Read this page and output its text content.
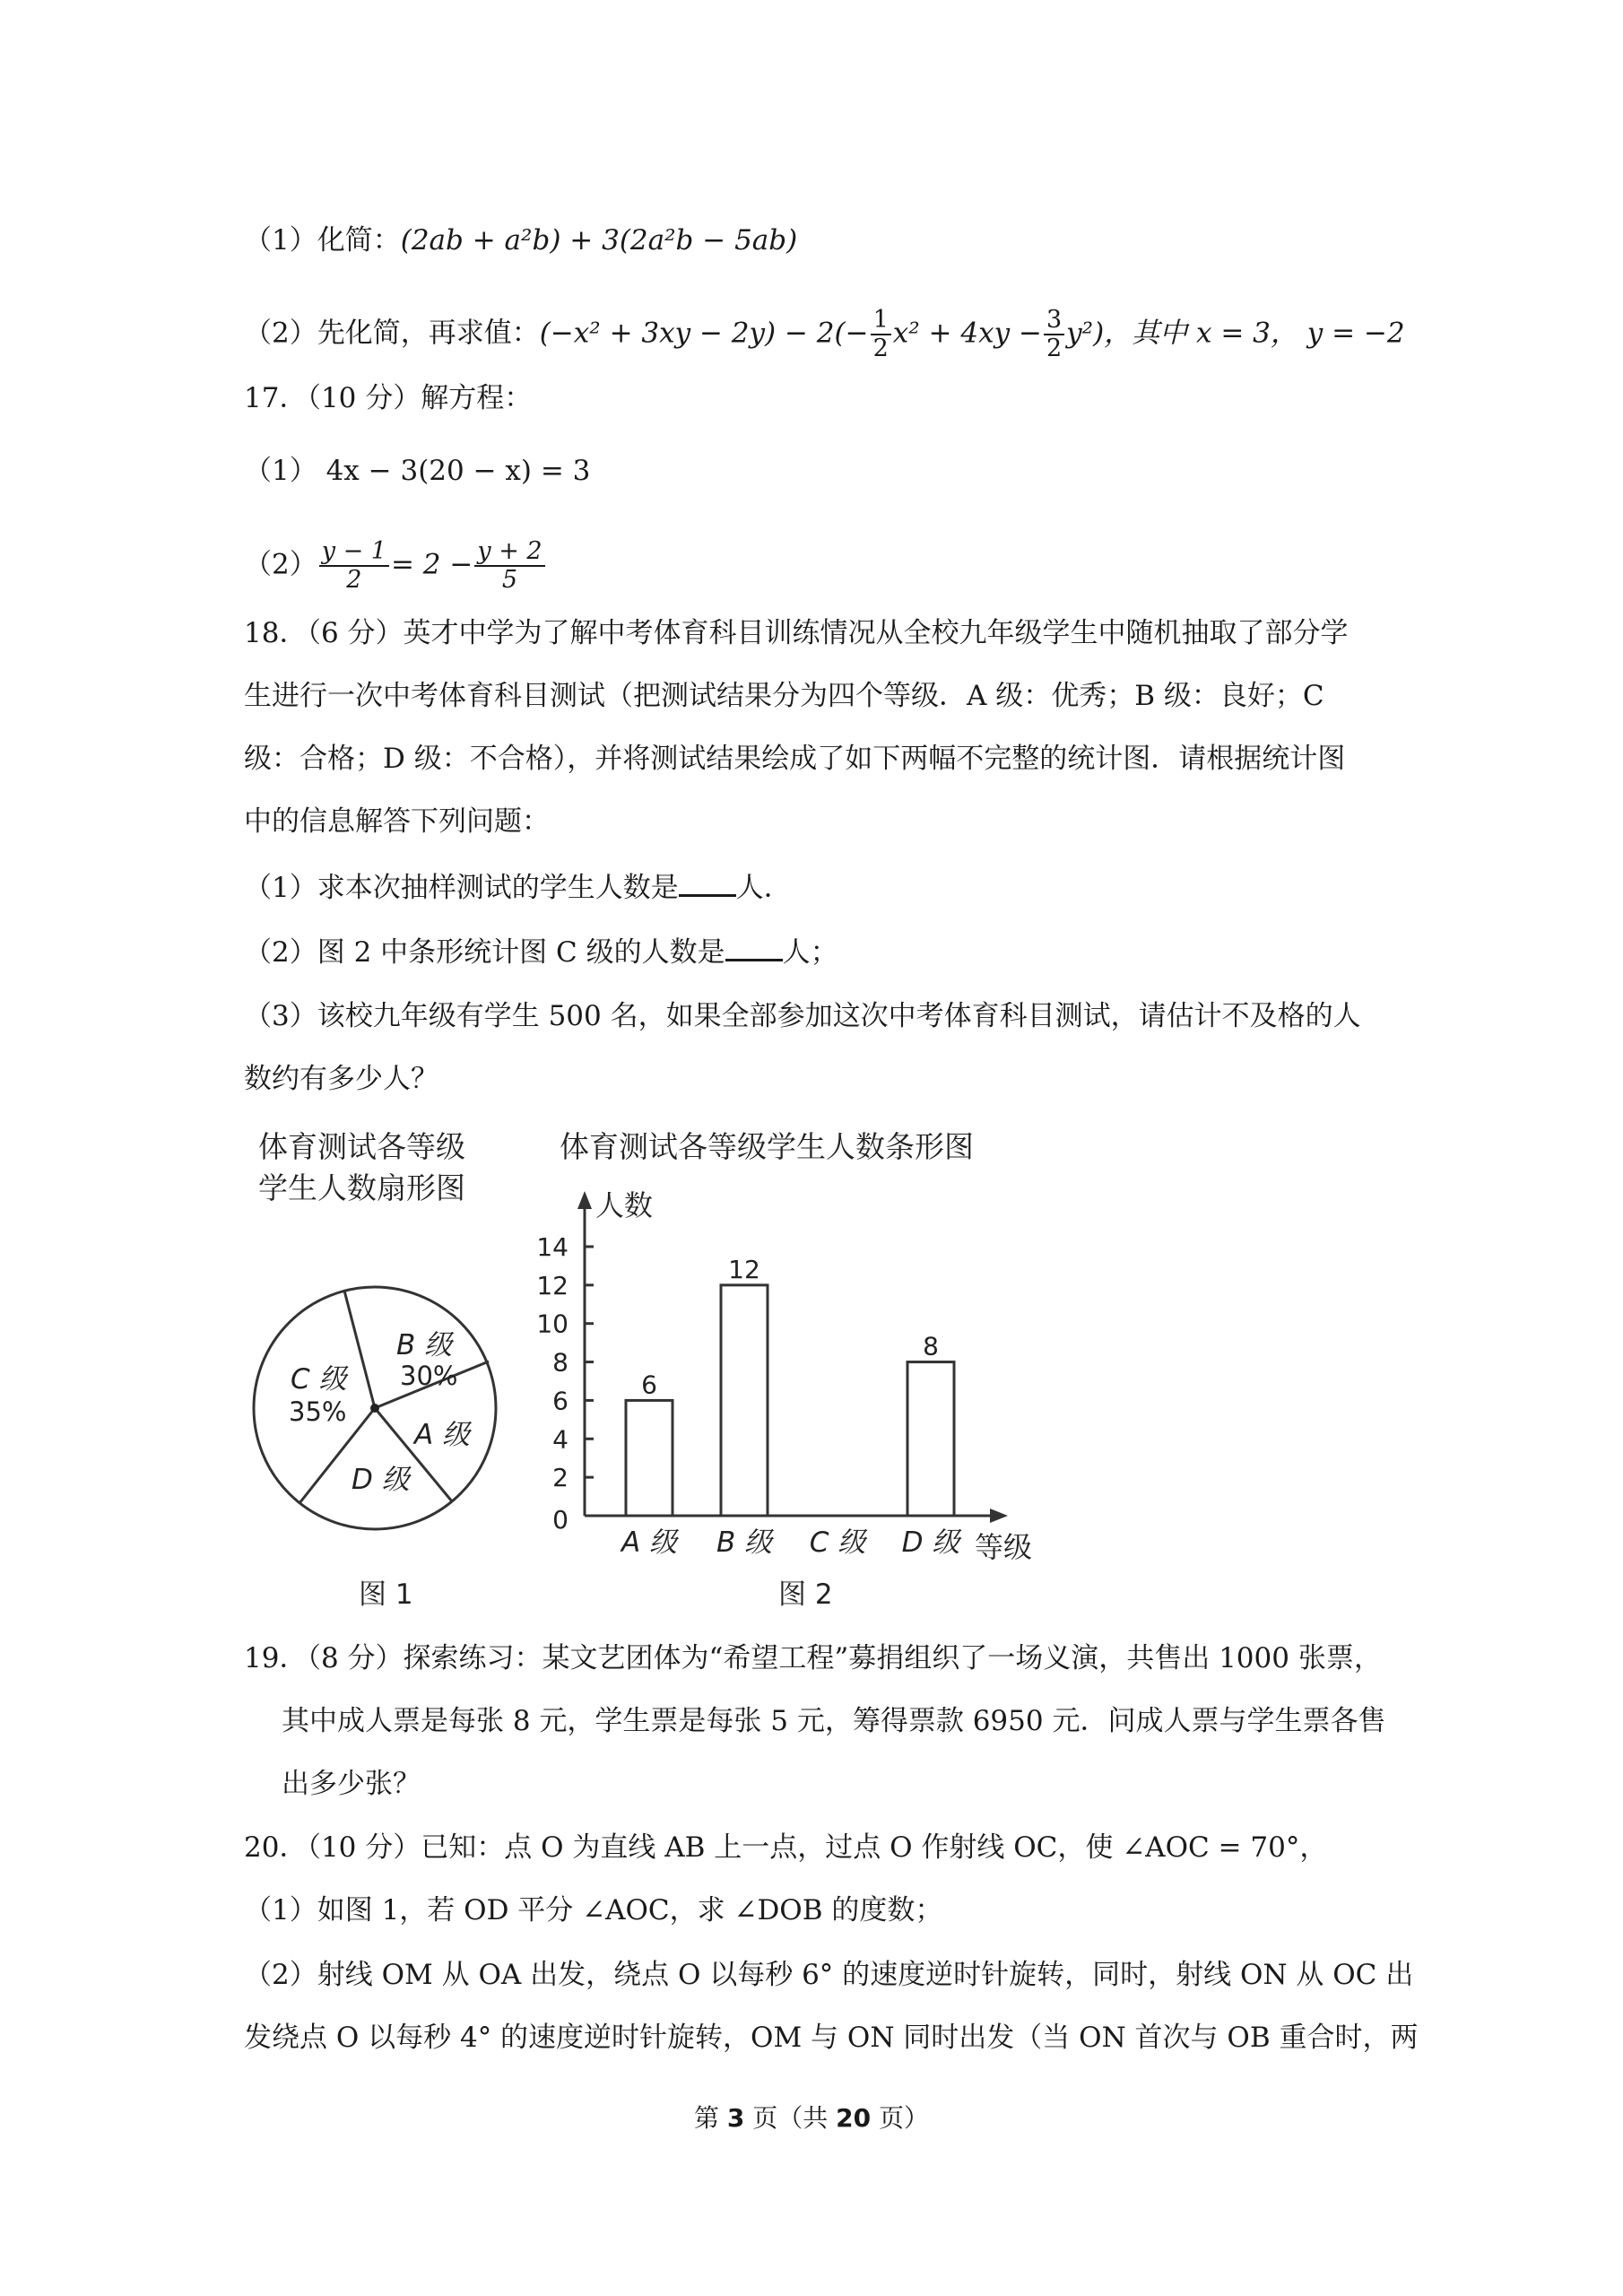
（1）化简：(2ab + a²b) + 3(2a²b − 5ab)
（2）先化简，再求值：$(-x^2 + 3xy - 2y) - 2(- \frac{1}{2} x^2 + 4xy - \frac{3}{2} y^2)$，其中 x = 3， y = −2
17．（10 分）解方程：
（1） 4x − 3(20 − x) = 3
$(2) \frac{y - 1}{2} = 2 - \frac{y + 2}{5}$
18．（6 分）英才中学为了解中考体育科目训练情况从全校九年级学生中随机抽取了部分学
生进行一次中考体育科目测试（把测试结果分为四个等级．A 级：优秀；B 级：良好；C
级：合格；D 级：不合格），并将测试结果绘成了如下两幅不完整的统计图．请根据统计图
中的信息解答下列问题：
（1）求本次抽样测试的学生人数是 人．
（2）图 2 中条形统计图 C 级的人数是 人；
（3）该校九年级有学生 500 名，如果全部参加这次中考体育科目测试，请估计不及格的人
数约有多少人？
体育测试各等级
学生人数扇形图
B 级
30%
C 级
35%
A 级
D 级
图 1
体育测试各等级学生人数条形图
人数
等级
0
2
4
6
8
10
12
14
6
A 级
12
B 级 C 级
8
D 级
图 2
19．（8 分）探索练习：某文艺团体为“希望工程”募捐组织了一场义演，共售出 1000 张票，
其中成人票是每张 8 元，学生票是每张 5 元，筹得票款 6950 元．问成人票与学生票各售
出多少张？
20．（10 分）已知：点 O 为直线 AB 上一点，过点 O 作射线 OC，使 ∠AOC = 70°，
（1）如图 1，若 OD 平分 ∠AOC，求 ∠DOB 的度数；
（2）射线 OM 从 OA 出发，绕点 O 以每秒 6° 的速度逆时针旋转，同时，射线 ON 从 OC 出
发绕点 O 以每秒 4° 的速度逆时针旋转，OM 与 ON 同时出发（当 ON 首次与 OB 重合时，两
第 3 页（共 20 页）
